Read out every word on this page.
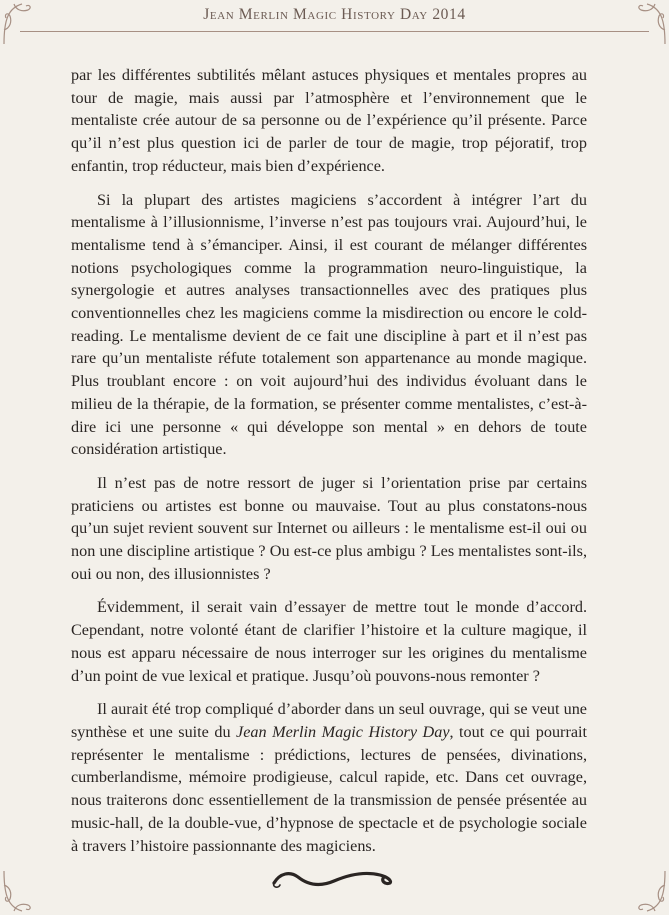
Jean Merlin Magic History Day 2014

par les différentes subtilités mêlant astuces physiques et mentales propres au tour de magie, mais aussi par l’atmosphère et l’environnement que le mentaliste crée autour de sa personne ou de l’expérience qu’il présente. Parce qu’il n’est plus question ici de parler de tour de magie, trop péjoratif, trop enfantin, trop réducteur, mais bien d’expérience.

Si la plupart des artistes magiciens s’accordent à intégrer l’art du mentalisme à l’illusionnisme, l’inverse n’est pas toujours vrai. Aujourd’hui, le mentalisme tend à s’émanciper. Ainsi, il est courant de mélanger différentes notions psychologiques comme la programmation neuro-linguistique, la synergologie et autres analyses transactionnelles avec des pratiques plus conventionnelles chez les magiciens comme la misdirection ou encore le cold-reading. Le mentalisme devient de ce fait une discipline à part et il n’est pas rare qu’un mentaliste réfute totalement son appartenance au monde magique. Plus troublant encore : on voit aujourd’hui des individus évoluant dans le milieu de la thérapie, de la formation, se présenter comme mentalistes, c’est-à-dire ici une personne « qui développe son mental » en dehors de toute considération artistique.

Il n’est pas de notre ressort de juger si l’orientation prise par certains praticiens ou artistes est bonne ou mauvaise. Tout au plus constatons-nous qu’un sujet revient souvent sur Internet ou ailleurs : le mentalisme est-il oui ou non une discipline artistique ? Ou est-ce plus ambigu ? Les mentalistes sont-ils, oui ou non, des illusionnistes ?

Évidemment, il serait vain d’essayer de mettre tout le monde d’accord. Cependant, notre volonté étant de clarifier l’histoire et la culture magique, il nous est apparu nécessaire de nous interroger sur les origines du mentalisme d’un point de vue lexical et pratique. Jusqu’où pouvons-nous remonter ?

Il aurait été trop compliqué d’aborder dans un seul ouvrage, qui se veut une synthèse et une suite du Jean Merlin Magic History Day, tout ce qui pourrait représenter le mentalisme : prédictions, lectures de pensées, divinations, cumberlandisme, mémoire prodigieuse, calcul rapide, etc. Dans cet ouvrage, nous traiterons donc essentiellement de la transmission de pensée présentée au music-hall, de la double-vue, d’hypnose de spectacle et de psychologie sociale à travers l’histoire passionnante des magiciens.
